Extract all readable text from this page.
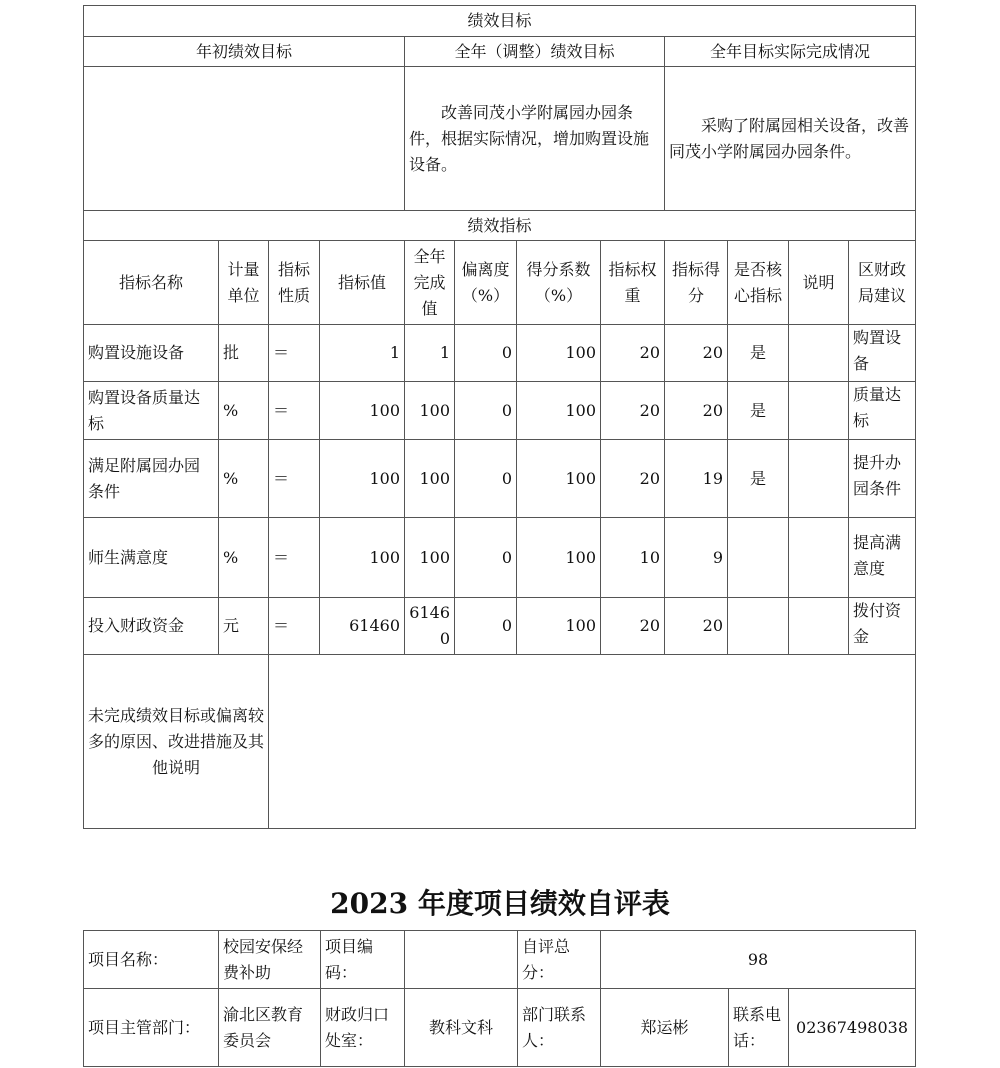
绩效目标											
年初绩效目标				全年（调整）绩效目标				全年目标实际完成情况			
				改善同茂小学附属园办园条件，根据实际情况，增加购置设施设备。				采购了附属园相关设备，改善同茂小学附属园办园条件。			
绩效指标											
指标名称	计量单位	指标性质	指标值	全年完成值	偏离度（%）	得分系数（%）	指标权重	指标得分	是否核心指标	说明	区财政局建议
购置设施设备	批	＝	1	1	0	100	20	20	是		购置设备
购置设备质量达标	%	＝	100	100	0	100	20	20	是		质量达标
满足附属园办园条件	%	＝	100	100	0	100	20	19	是		提升办园条件
师生满意度	%	＝	100	100	0	100	10	9			提高满意度
投入财政资金	元	＝	61460	61460	0	100	20	20			拨付资金
未完成绩效目标或偏离较多的原因、改进措施及其他说明											
2023 年度项目绩效自评表
项目名称：	校园安保经费补助	项目编码：		自评总分：	98		
项目主管部门：	渝北区教育委员会	财政归口处室：	教科文科	部门联系人：	郑运彬	联系电话：	02367498038
